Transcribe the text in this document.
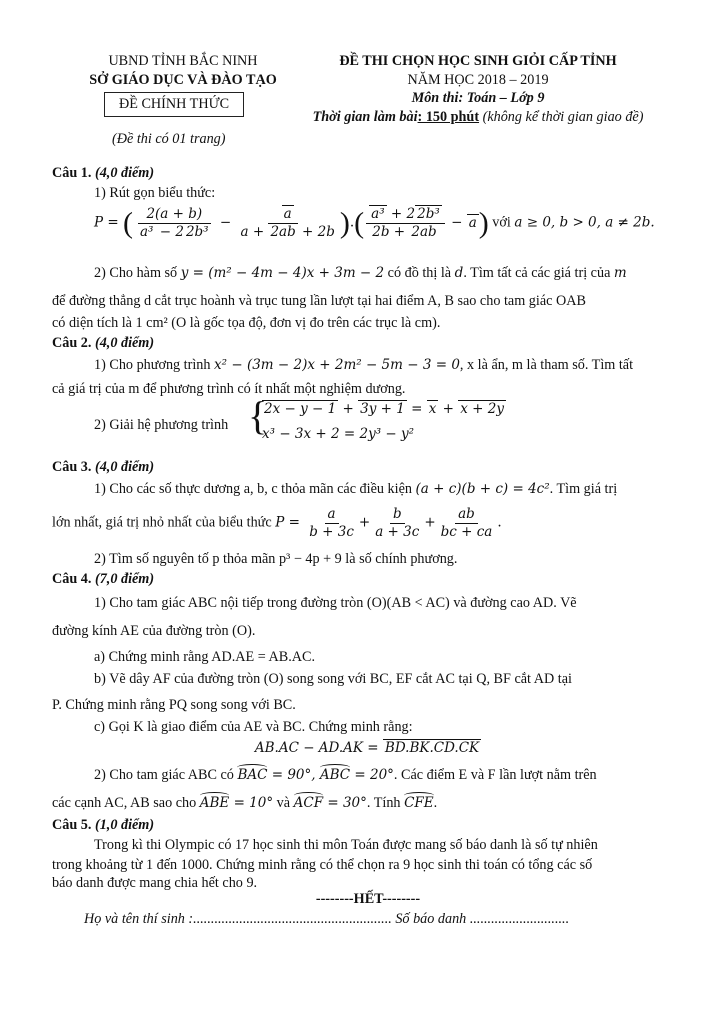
UBND TỈNH BẮC NINH
SỞ GIÁO DỤC VÀ ĐÀO TẠO
ĐỀ CHÍNH THỨC
(Đề thi có 01 trang)
ĐỀ THI CHỌN HỌC SINH GIỎI CẤP TỈNH
NĂM HỌC 2018 – 2019
Môn thi: Toán – Lớp 9
Thời gian làm bài: 150 phút (không kể thời gian giao đề)
Câu 1. (4,0 điểm)
1) Rút gọn biểu thức:
P = ( $\frac{2(a + b)}{\text{a³ − 2 2b³}} - \frac{a}{a + 2ab + 2b}$ ).( $\frac{\text{a³ + 2 2b³}}{2b + 2ab} - a$) với a ≥ 0, b > 0, a ≠ 2b.
2) Cho hàm số y = (m² − 4m − 4)x + 3m − 2 có đồ thị là d. Tìm tất cả các giá trị của m
để đường thẳng d cắt trục hoành và trục tung lần lượt tại hai điểm A, B sao cho tam giác OAB
có diện tích là 1 cm² (O là gốc tọa độ, đơn vị đo trên các trục là cm).
Câu 2. (4,0 điểm)
1) Cho phương trình x² − (3m − 2)x + 2m² − 5m − 3 = 0, x là ẩn, m là tham số. Tìm tất
cả giá trị của m để phương trình có ít nhất một nghiệm dương.
2) Giải hệ phương trình {
2x − y − 1 + 3y + 1 = x + x + 2y
x³ − 3x + 2 = 2y³ − y²
Câu 3. (4,0 điểm)
1) Cho các số thực dương a, b, c thỏa mãn các điều kiện (a + c)(b + c) = 4c². Tìm giá trị
lớn nhất, giá trị nhỏ nhất của biểu thức $P = \frac{a}{b + 3c} + \frac{b}{a + 3c} + \frac{ab}{bc + ca}$ .
2) Tìm số nguyên tố p thỏa mãn p³ − 4p + 9 là số chính phương.
Câu 4. (7,0 điểm)
1) Cho tam giác ABC nội tiếp trong đường tròn (O)(AB < AC) và đường cao AD. Vẽ
đường kính AE của đường tròn (O).
a) Chứng minh rằng AD.AE = AB.AC.
b) Vẽ dây AF của đường tròn (O) song song với BC, EF cắt AC tại Q, BF cắt AD tại
P. Chứng minh rằng PQ song song với BC.
c) Gọi K là giao điểm của AE và BC. Chứng minh rằng:
AB.AC − AD.AK = BD.BK.CD.CK
2) Cho tam giác ABC có BAC = 90°, ABC = 20°. Các điểm E và F lần lượt nằm trên
các cạnh AC, AB sao cho ABE = 10° và ACF = 30°. Tính CFE.
Câu 5. (1,0 điểm)
Trong kì thi Olympic có 17 học sinh thi môn Toán được mang số báo danh là số tự nhiên
trong khoảng từ 1 đến 1000. Chứng minh rằng có thể chọn ra 9 học sinh thi toán có tổng các số
báo danh được mang chia hết cho 9.
--------HẾT--------
Họ và tên thí sinh :........................................................ Số báo danh ............................
